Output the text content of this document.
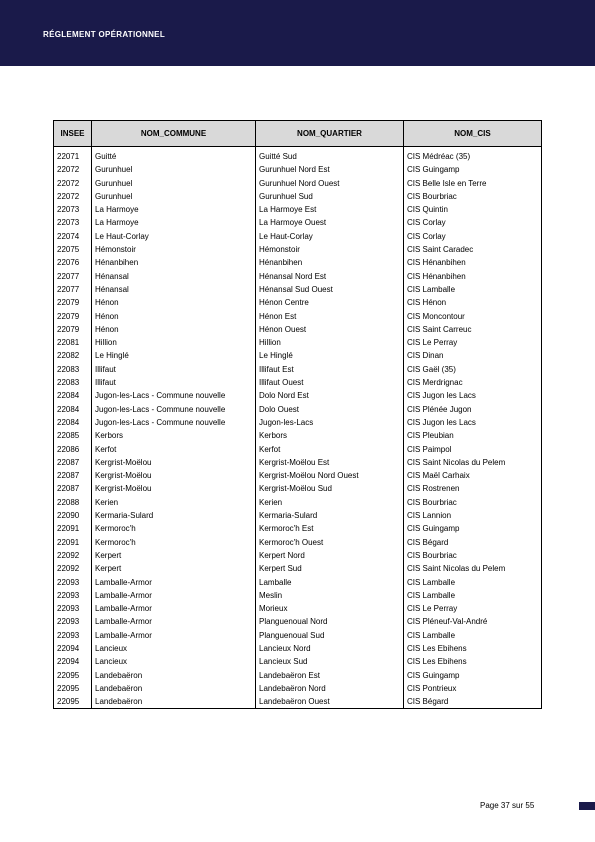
RÉGLEMENT OPÉRATIONNEL
INSEE	NOM_COMMUNE	NOM_QUARTIER	NOM_CIS
22071	Guitté	Guitté Sud	CIS Médréac (35)
22072	Gurunhuel	Gurunhuel Nord Est	CIS Guingamp
22072	Gurunhuel	Gurunhuel Nord Ouest	CIS Belle Isle en Terre
22072	Gurunhuel	Gurunhuel Sud	CIS Bourbriac
22073	La Harmoye	La Harmoye Est	CIS Quintin
22073	La Harmoye	La Harmoye Ouest	CIS Corlay
22074	Le Haut-Corlay	Le Haut-Corlay	CIS Corlay
22075	Hémonstoir	Hémonstoir	CIS Saint Caradec
22076	Hénanbihen	Hénanbihen	CIS Hénanbihen
22077	Hénansal	Hénansal Nord Est	CIS Hénanbihen
22077	Hénansal	Hénansal Sud Ouest	CIS Lamballe
22079	Hénon	Hénon Centre	CIS Hénon
22079	Hénon	Hénon Est	CIS Moncontour
22079	Hénon	Hénon Ouest	CIS Saint Carreuc
22081	Hillion	Hillion	CIS Le Perray
22082	Le Hinglé	Le Hinglé	CIS Dinan
22083	Illifaut	Illifaut Est	CIS Gaël (35)
22083	Illifaut	Illifaut Ouest	CIS Merdrignac
22084	Jugon-les-Lacs - Commune nouvelle	Dolo Nord Est	CIS Jugon les Lacs
22084	Jugon-les-Lacs - Commune nouvelle	Dolo Ouest	CIS Plénée Jugon
22084	Jugon-les-Lacs - Commune nouvelle	Jugon-les-Lacs	CIS Jugon les Lacs
22085	Kerbors	Kerbors	CIS Pleubian
22086	Kerfot	Kerfot	CIS Paimpol
22087	Kergrist-Moëlou	Kergrist-Moëlou Est	CIS Saint Nicolas du Pelem
22087	Kergrist-Moëlou	Kergrist-Moëlou Nord Ouest	CIS Maël Carhaix
22087	Kergrist-Moëlou	Kergrist-Moëlou Sud	CIS Rostrenen
22088	Kerien	Kerien	CIS Bourbriac
22090	Kermaria-Sulard	Kermaria-Sulard	CIS Lannion
22091	Kermoroc'h	Kermoroc'h Est	CIS Guingamp
22091	Kermoroc'h	Kermoroc'h Ouest	CIS Bégard
22092	Kerpert	Kerpert Nord	CIS Bourbriac
22092	Kerpert	Kerpert Sud	CIS Saint Nicolas du Pelem
22093	Lamballe-Armor	Lamballe	CIS Lamballe
22093	Lamballe-Armor	Meslin	CIS Lamballe
22093	Lamballe-Armor	Morieux	CIS Le Perray
22093	Lamballe-Armor	Planguenoual Nord	CIS Pléneuf-Val-André
22093	Lamballe-Armor	Planguenoual Sud	CIS Lamballe
22094	Lancieux	Lancieux Nord	CIS Les Ebihens
22094	Lancieux	Lancieux Sud	CIS Les Ebihens
22095	Landebaëron	Landebaëron Est	CIS Guingamp
22095	Landebaëron	Landebaëron Nord	CIS Pontrieux
22095	Landebaëron	Landebaëron Ouest	CIS Bégard
Page 37 sur 55
